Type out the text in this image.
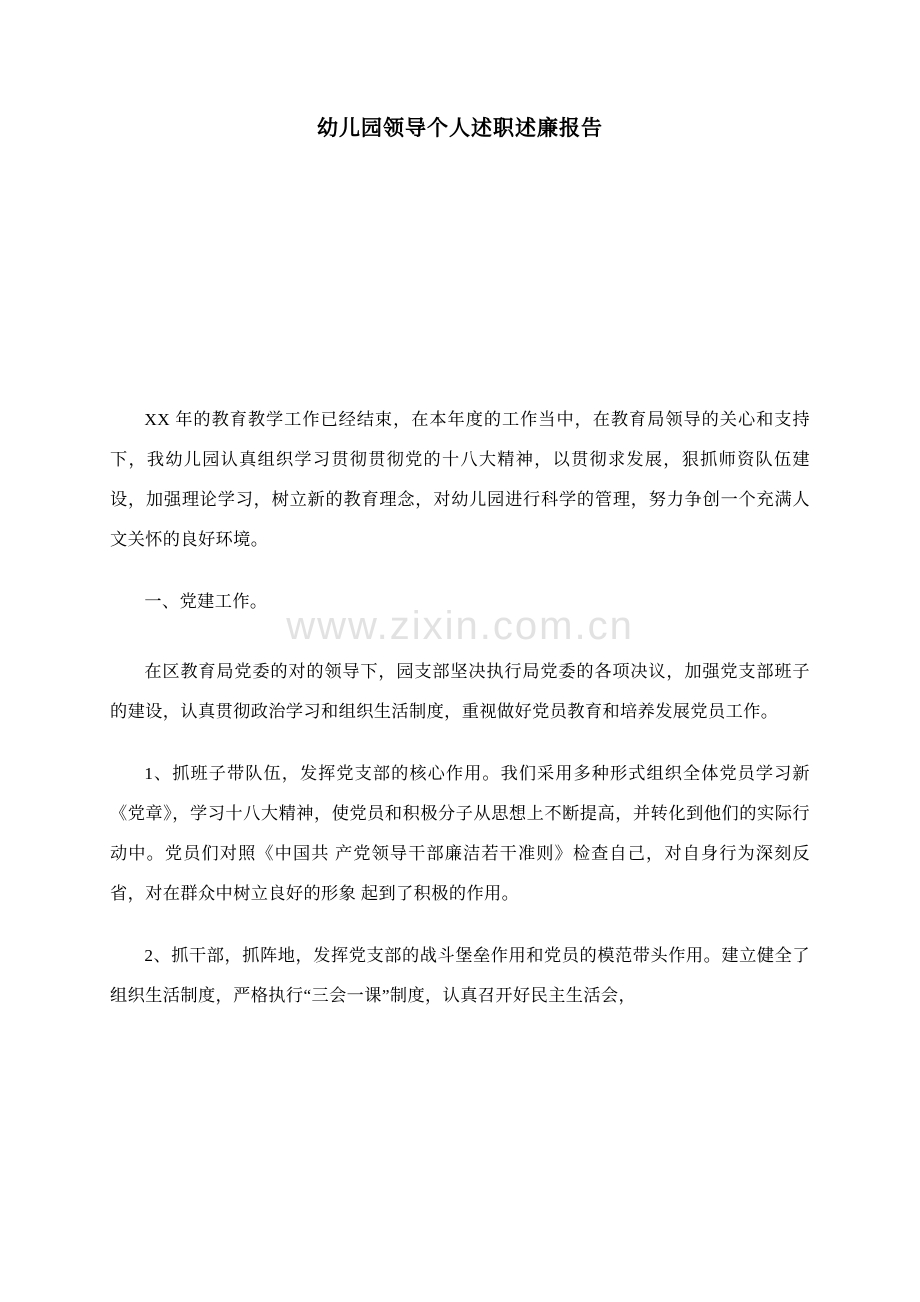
幼儿园领导个人述职述廉报告
www.zixin.com.cn

XX 年的教育教学工作已经结束，在本年度的工作当中，在教育局领导的关心和支持下，我幼儿园认真组织学习贯彻贯彻党的十八大精神，以贯彻求发展，狠抓师资队伍建设，加强理论学习，树立新的教育理念，对幼儿园进行科学的管理，努力争创一个充满人文关怀的良好环境。

一、党建工作。

在区教育局党委的对的领导下，园支部坚决执行局党委的各项决议，加强党支部班子的建设，认真贯彻政治学习和组织生活制度，重视做好党员教育和培养发展党员工作。

1、抓班子带队伍，发挥党支部的核心作用。我们采用多种形式组织全体党员学习新《党章》，学习十八大精神，使党员和积极分子从思想上不断提高，并转化到他们的实际行动中。党员们对照《中国共 产党领导干部廉洁若干准则》检查自己，对自身行为深刻反省，对在群众中树立良好的形象 起到了积极的作用。

2、抓干部，抓阵地，发挥党支部的战斗堡垒作用和党员的模范带头作用。建立健全了组织生活制度，严格执行“三会一课”制度，认真召开好民主生活会，
